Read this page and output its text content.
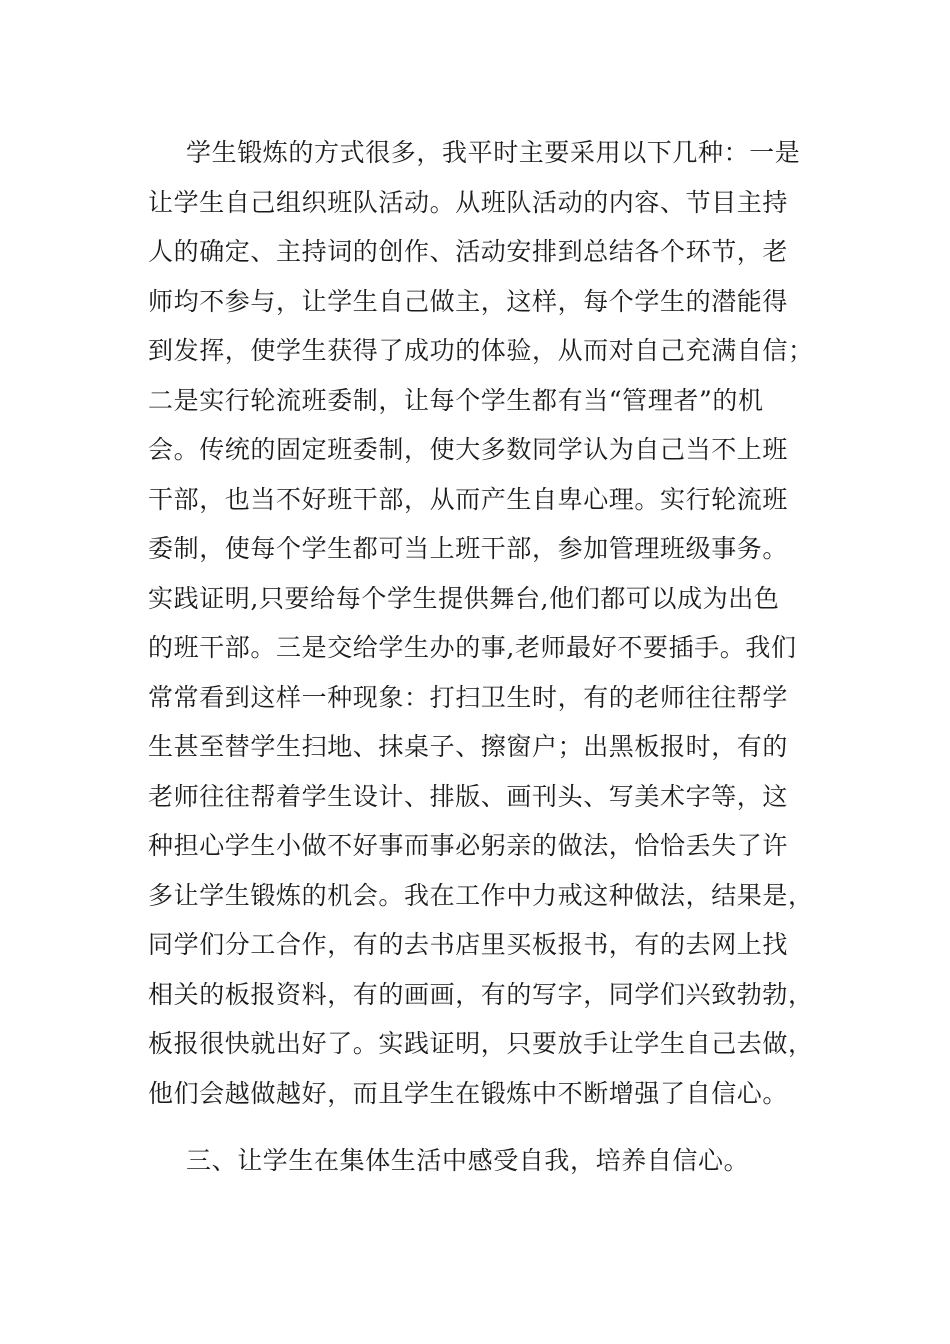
学生锻炼的方式很多，我平时主要采用以下几种：一是
让学生自己组织班队活动。从班队活动的内容、节目主持
人的确定、主持词的创作、活动安排到总结各个环节，老
师均不参与，让学生自己做主，这样，每个学生的潜能得
到发挥，使学生获得了成功的体验，从而对自己充满自信；
二是实行轮流班委制，让每个学生都有当“管理者”的机
会。传统的固定班委制，使大多数同学认为自己当不上班
干部，也当不好班干部，从而产生自卑心理。实行轮流班
委制，使每个学生都可当上班干部，参加管理班级事务。
实践证明,只要给每个学生提供舞台,他们都可以成为出色
的班干部。三是交给学生办的事,老师最好不要插手。我们
常常看到这样一种现象：打扫卫生时，有的老师往往帮学
生甚至替学生扫地、抹桌子、擦窗户；出黑板报时，有的
老师往往帮着学生设计、排版、画刊头、写美术字等，这
种担心学生小做不好事而事必躬亲的做法，恰恰丢失了许
多让学生锻炼的机会。我在工作中力戒这种做法，结果是，
同学们分工合作，有的去书店里买板报书，有的去网上找
相关的板报资料，有的画画，有的写字，同学们兴致勃勃，
板报很快就出好了。实践证明，只要放手让学生自己去做，
他们会越做越好，而且学生在锻炼中不断增强了自信心。
三、让学生在集体生活中感受自我，培养自信心。
